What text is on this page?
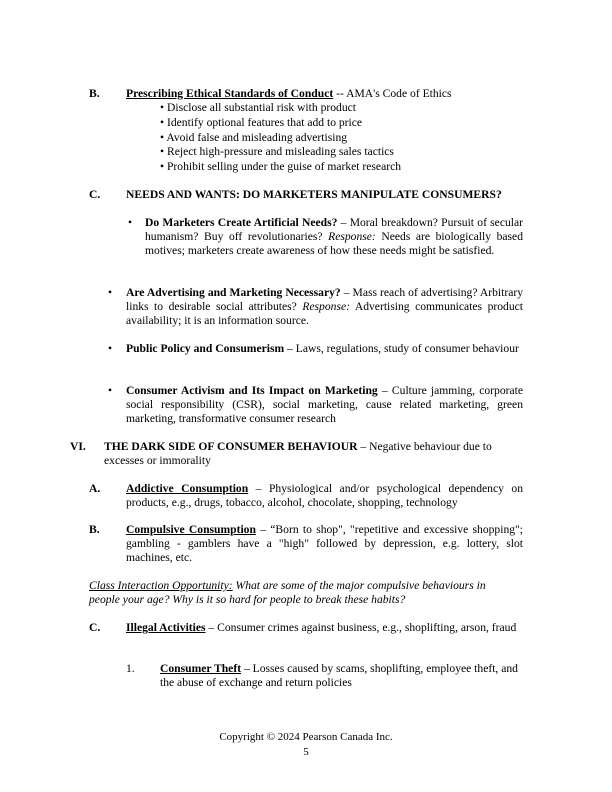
B. Prescribing Ethical Standards of Conduct -- AMA's Code of Ethics
• Disclose all substantial risk with product
• Identify optional features that add to price
• Avoid false and misleading advertising
• Reject high-pressure and misleading sales tactics
• Prohibit selling under the guise of market research
C. NEEDS AND WANTS: DO MARKETERS MANIPULATE CONSUMERS?
• Do Marketers Create Artificial Needs? – Moral breakdown? Pursuit of secular humanism? Buy off revolutionaries? Response: Needs are biologically based motives; marketers create awareness of how these needs might be satisfied.
• Are Advertising and Marketing Necessary? – Mass reach of advertising? Arbitrary links to desirable social attributes? Response: Advertising communicates product availability; it is an information source.
• Public Policy and Consumerism – Laws, regulations, study of consumer behaviour
• Consumer Activism and Its Impact on Marketing – Culture jamming, corporate social responsibility (CSR), social marketing, cause related marketing, green marketing, transformative consumer research
VI. THE DARK SIDE OF CONSUMER BEHAVIOUR – Negative behaviour due to excesses or immorality
A. Addictive Consumption – Physiological and/or psychological dependency on products, e.g., drugs, tobacco, alcohol, chocolate, shopping, technology
B. Compulsive Consumption – “Born to shop", "repetitive and excessive shopping"; gambling - gamblers have a "high" followed by depression, e.g. lottery, slot machines, etc.
Class Interaction Opportunity: What are some of the major compulsive behaviours in people your age? Why is it so hard for people to break these habits?
C. Illegal Activities – Consumer crimes against business, e.g., shoplifting, arson, fraud
1. Consumer Theft – Losses caused by scams, shoplifting, employee theft, and the abuse of exchange and return policies
Copyright © 2024 Pearson Canada Inc.
5
